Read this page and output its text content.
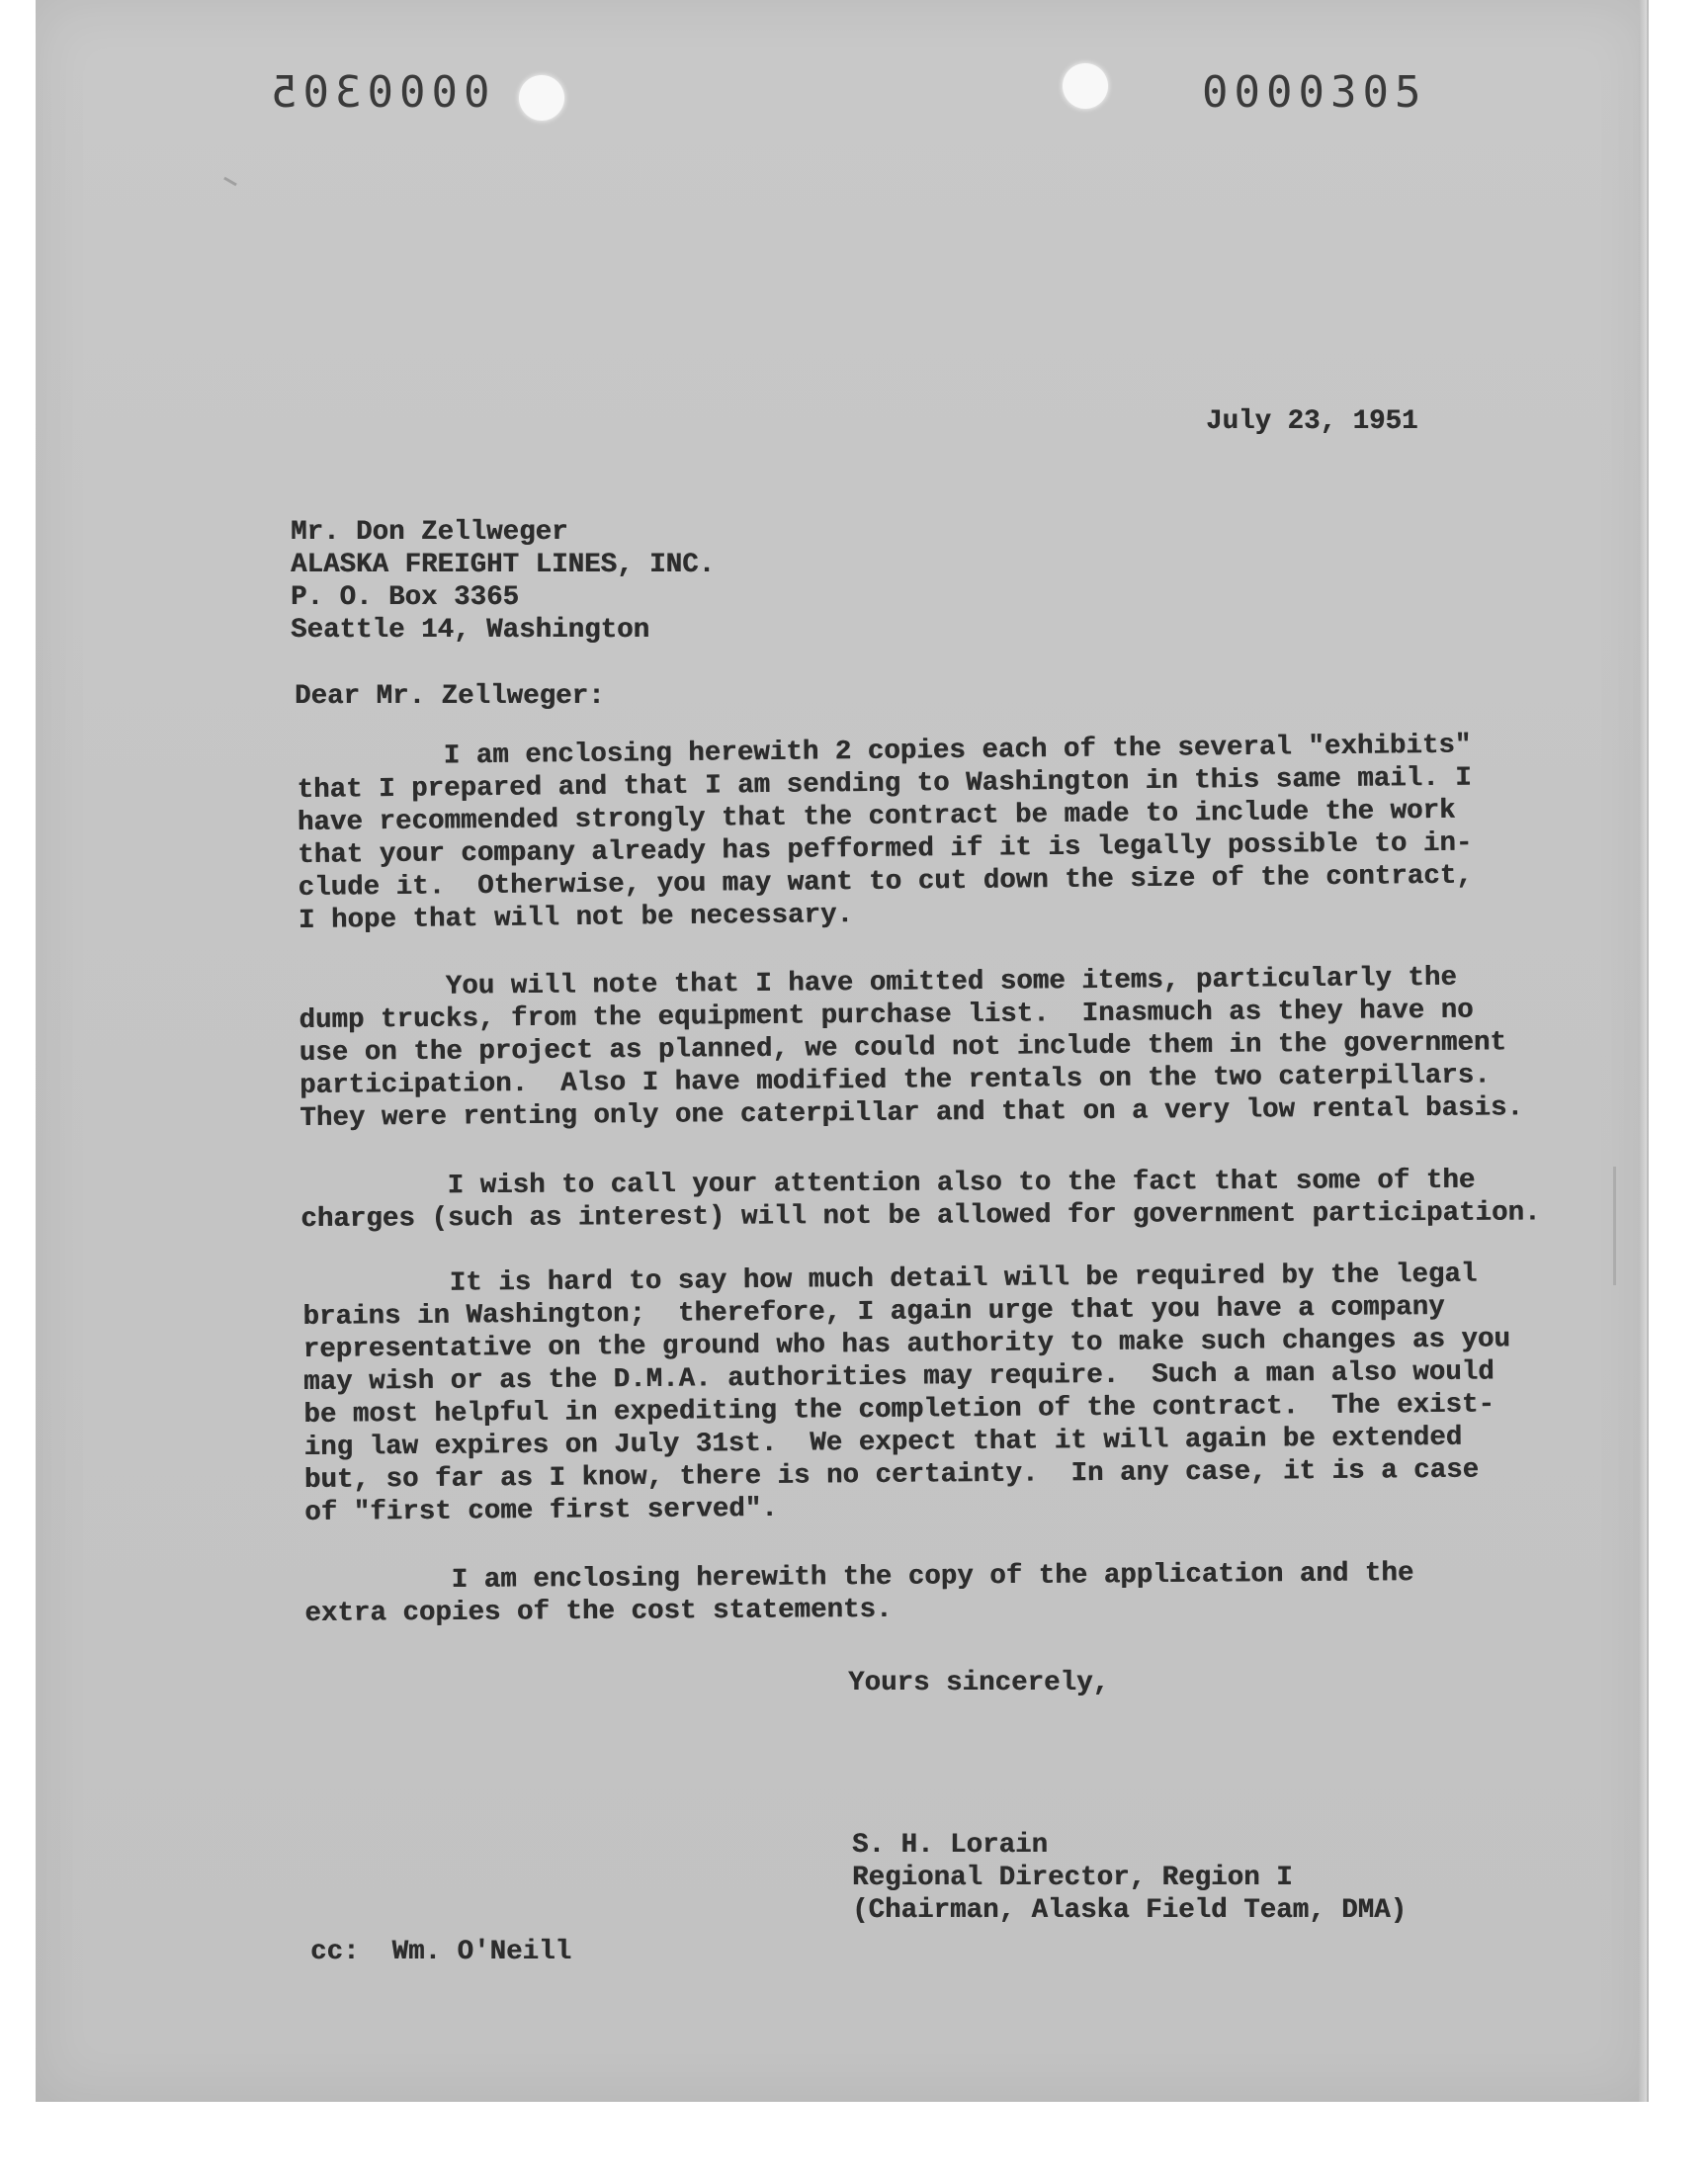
0000305	0000305
July 23, 1951
Mr. Don Zellweger
ALASKA FREIGHT LINES, INC.
P. O. Box 3365
Seattle 14, Washington
Dear Mr. Zellweger:
I am enclosing herewith 2 copies each of the several "exhibits"
that I prepared and that I am sending to Washington in this same mail. I
have recommended strongly that the contract be made to include the work
that your company already has pefformed if it is legally possible to in-
clude it.  Otherwise, you may want to cut down the size of the contract,
I hope that will not be necessary.
You will note that I have omitted some items, particularly the
dump trucks, from the equipment purchase list.  Inasmuch as they have no
use on the project as planned, we could not include them in the government
participation.  Also I have modified the rentals on the two caterpillars.
They were renting only one caterpillar and that on a very low rental basis.
I wish to call your attention also to the fact that some of the
charges (such as interest) will not be allowed for government participation.
It is hard to say how much detail will be required by the legal
brains in Washington;  therefore, I again urge that you have a company
representative on the ground who has authority to make such changes as you
may wish or as the D.M.A. authorities may require.  Such a man also would
be most helpful in expediting the completion of the contract.  The exist-
ing law expires on July 31st.  We expect that it will again be extended
but, so far as I know, there is no certainty.  In any case, it is a case
of "first come first served".
I am enclosing herewith the copy of the application and the
extra copies of the cost statements.
Yours sincerely,
S. H. Lorain
Regional Director, Region I
(Chairman, Alaska Field Team, DMA)
cc:  Wm. O'Neill
